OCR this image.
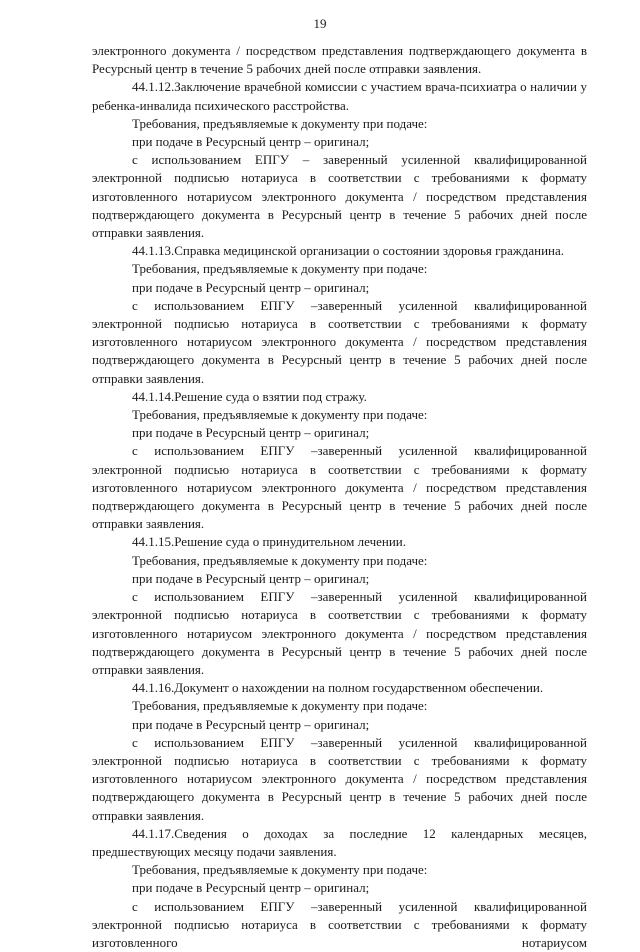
19

электронного документа / посредством представления подтверждающего документа в Ресурсный центр в течение 5 рабочих дней после отправки заявления.

44.1.12.Заключение врачебной комиссии с участием врача-психиатра о наличии у ребенка-инвалида психического расстройства.

Требования, предъявляемые к документу при подаче:

при подаче в Ресурсный центр – оригинал;

с использованием ЕПГУ – заверенный усиленной квалифицированной электронной подписью нотариуса в соответствии с требованиями к формату изготовленного нотариусом электронного документа / посредством представления подтверждающего документа в Ресурсный центр в течение 5 рабочих дней после отправки заявления.

44.1.13.Справка медицинской организации о состоянии здоровья гражданина.

Требования, предъявляемые к документу при подаче:

при подаче в Ресурсный центр – оригинал;

с использованием ЕПГУ –заверенный усиленной квалифицированной электронной подписью нотариуса в соответствии с требованиями к формату изготовленного нотариусом электронного документа / посредством представления подтверждающего документа в Ресурсный центр в течение 5 рабочих дней после отправки заявления.

44.1.14.Решение суда о взятии под стражу.

Требования, предъявляемые к документу при подаче:

при подаче в Ресурсный центр – оригинал;

с использованием ЕПГУ –заверенный усиленной квалифицированной электронной подписью нотариуса в соответствии с требованиями к формату изготовленного нотариусом электронного документа / посредством представления подтверждающего документа в Ресурсный центр в течение 5 рабочих дней после отправки заявления.

44.1.15.Решение суда о принудительном лечении.

Требования, предъявляемые к документу при подаче:

при подаче в Ресурсный центр – оригинал;

с использованием ЕПГУ –заверенный усиленной квалифицированной электронной подписью нотариуса в соответствии с требованиями к формату изготовленного нотариусом электронного документа / посредством представления подтверждающего документа в Ресурсный центр в течение 5 рабочих дней после отправки заявления.

44.1.16.Документ о нахождении на полном государственном обеспечении.

Требования, предъявляемые к документу при подаче:

при подаче в Ресурсный центр – оригинал;

с использованием ЕПГУ –заверенный усиленной квалифицированной электронной подписью нотариуса в соответствии с требованиями к формату изготовленного нотариусом электронного документа / посредством представления подтверждающего документа в Ресурсный центр в течение 5 рабочих дней после отправки заявления.

44.1.17.Сведения о доходах за последние 12 календарных месяцев, предшествующих месяцу подачи заявления.

Требования, предъявляемые к документу при подаче:

при подаче в Ресурсный центр – оригинал;

с использованием ЕПГУ –заверенный усиленной квалифицированной электронной подписью нотариуса в соответствии с требованиями к формату изготовленного нотариусом
